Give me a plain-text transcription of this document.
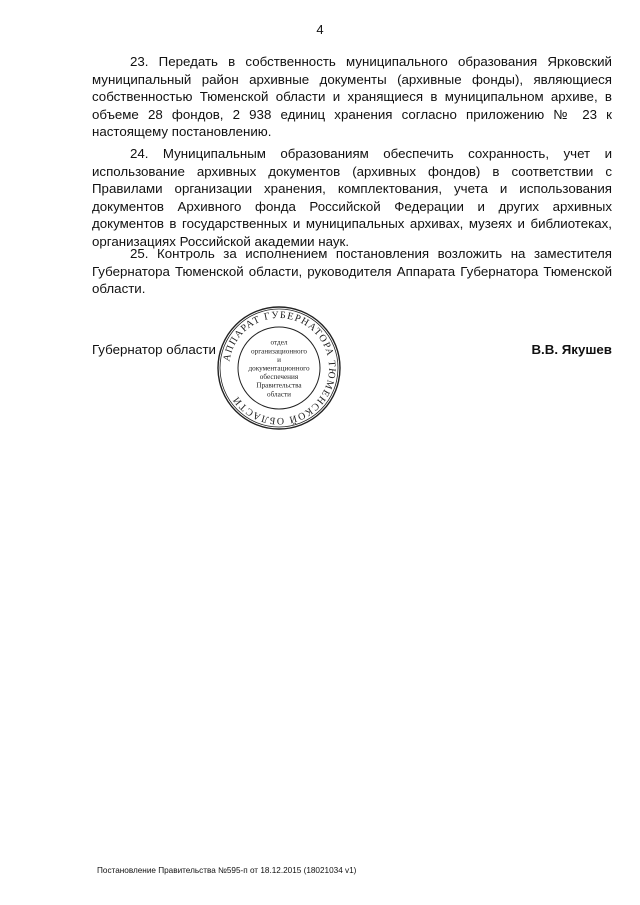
4

23. Передать в собственность муниципального образования Ярковский муниципальный район архивные документы (архивные фонды), являющиеся собственностью Тюменской области и хранящиеся в муниципальном архиве, в объеме 28 фондов, 2 938 единиц хранения согласно приложению № 23 к настоящему постановлению.

24. Муниципальным образованиям обеспечить сохранность, учет и использование архивных документов (архивных фондов) в соответствии с Правилами организации хранения, комплектования, учета и использования документов Архивного фонда Российской Федерации и других архивных документов в государственных и муниципальных архивах, музеях и библиотеках, организациях Российской академии наук.

25. Контроль за исполнением постановления возложить на заместителя Губернатора Тюменской области, руководителя Аппарата Губернатора Тюменской области.

Губернатор области
АППАРАТ ГУБЕРНАТОРА ТЮМЕНСКОЙ ОБЛАСТИ
отдел
организационного
и
документационного
обеспечения
Правительства
области
В.В. Якушев
Постановление Правительства №595-п от 18.12.2015 (18021034 v1)
